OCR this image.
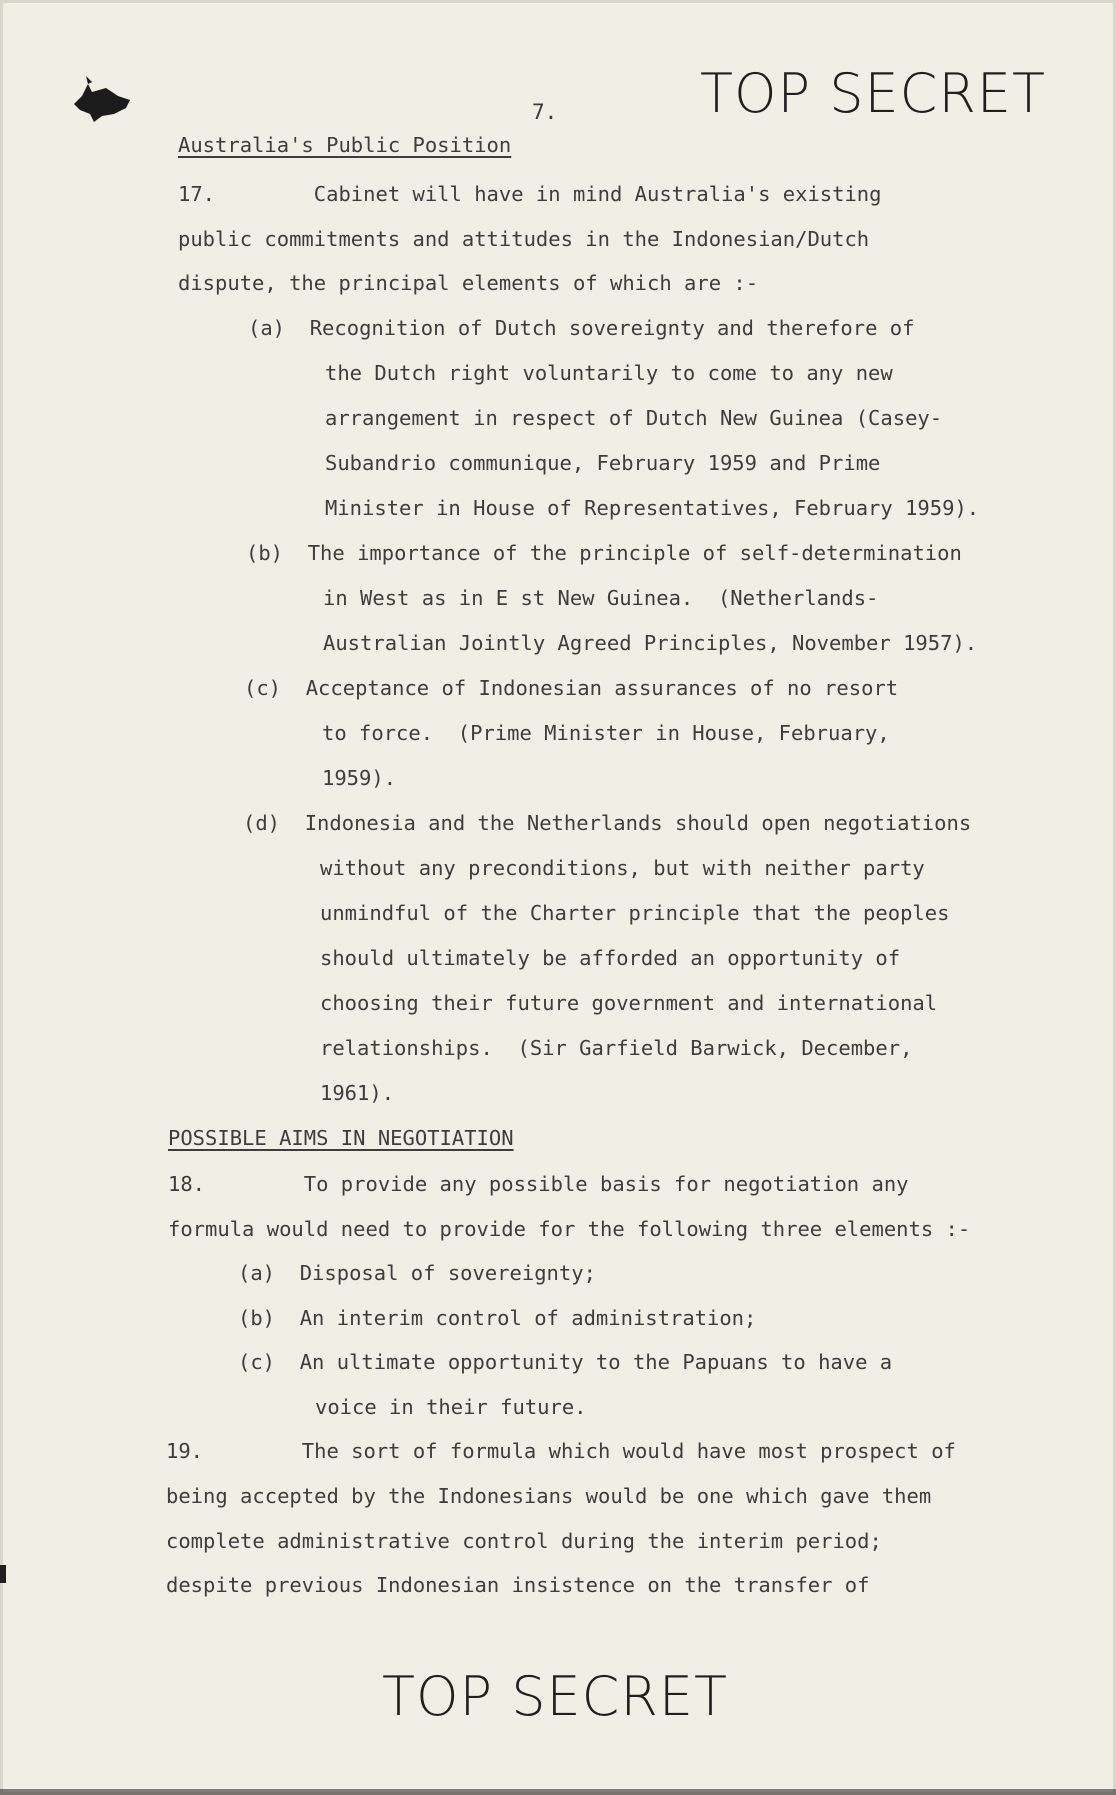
TOP SECRET
7.
Australia's Public Position
17.        Cabinet will have in mind Australia's existing
public commitments and attitudes in the Indonesian/Dutch
dispute, the principal elements of which are :-
(a)  Recognition of Dutch sovereignty and therefore of
the Dutch right voluntarily to come to any new
arrangement in respect of Dutch New Guinea (Casey-
Subandrio communique, February 1959 and Prime
Minister in House of Representatives, February 1959).
(b)  The importance of the principle of self-determination
in West as in E st New Guinea.  (Netherlands-
Australian Jointly Agreed Principles, November 1957).
(c)  Acceptance of Indonesian assurances of no resort
to force.  (Prime Minister in House, February,
1959).
(d)  Indonesia and the Netherlands should open negotiations
without any preconditions, but with neither party
unmindful of the Charter principle that the peoples
should ultimately be afforded an opportunity of
choosing their future government and international
relationships.  (Sir Garfield Barwick, December,
1961).
POSSIBLE AIMS IN NEGOTIATION
18.        To provide any possible basis for negotiation any
formula would need to provide for the following three elements :-
(a)  Disposal of sovereignty;
(b)  An interim control of administration;
(c)  An ultimate opportunity to the Papuans to have a
voice in their future.
19.        The sort of formula which would have most prospect of
being accepted by the Indonesians would be one which gave them
complete administrative control during the interim period;
despite previous Indonesian insistence on the transfer of
TOP SECRET
